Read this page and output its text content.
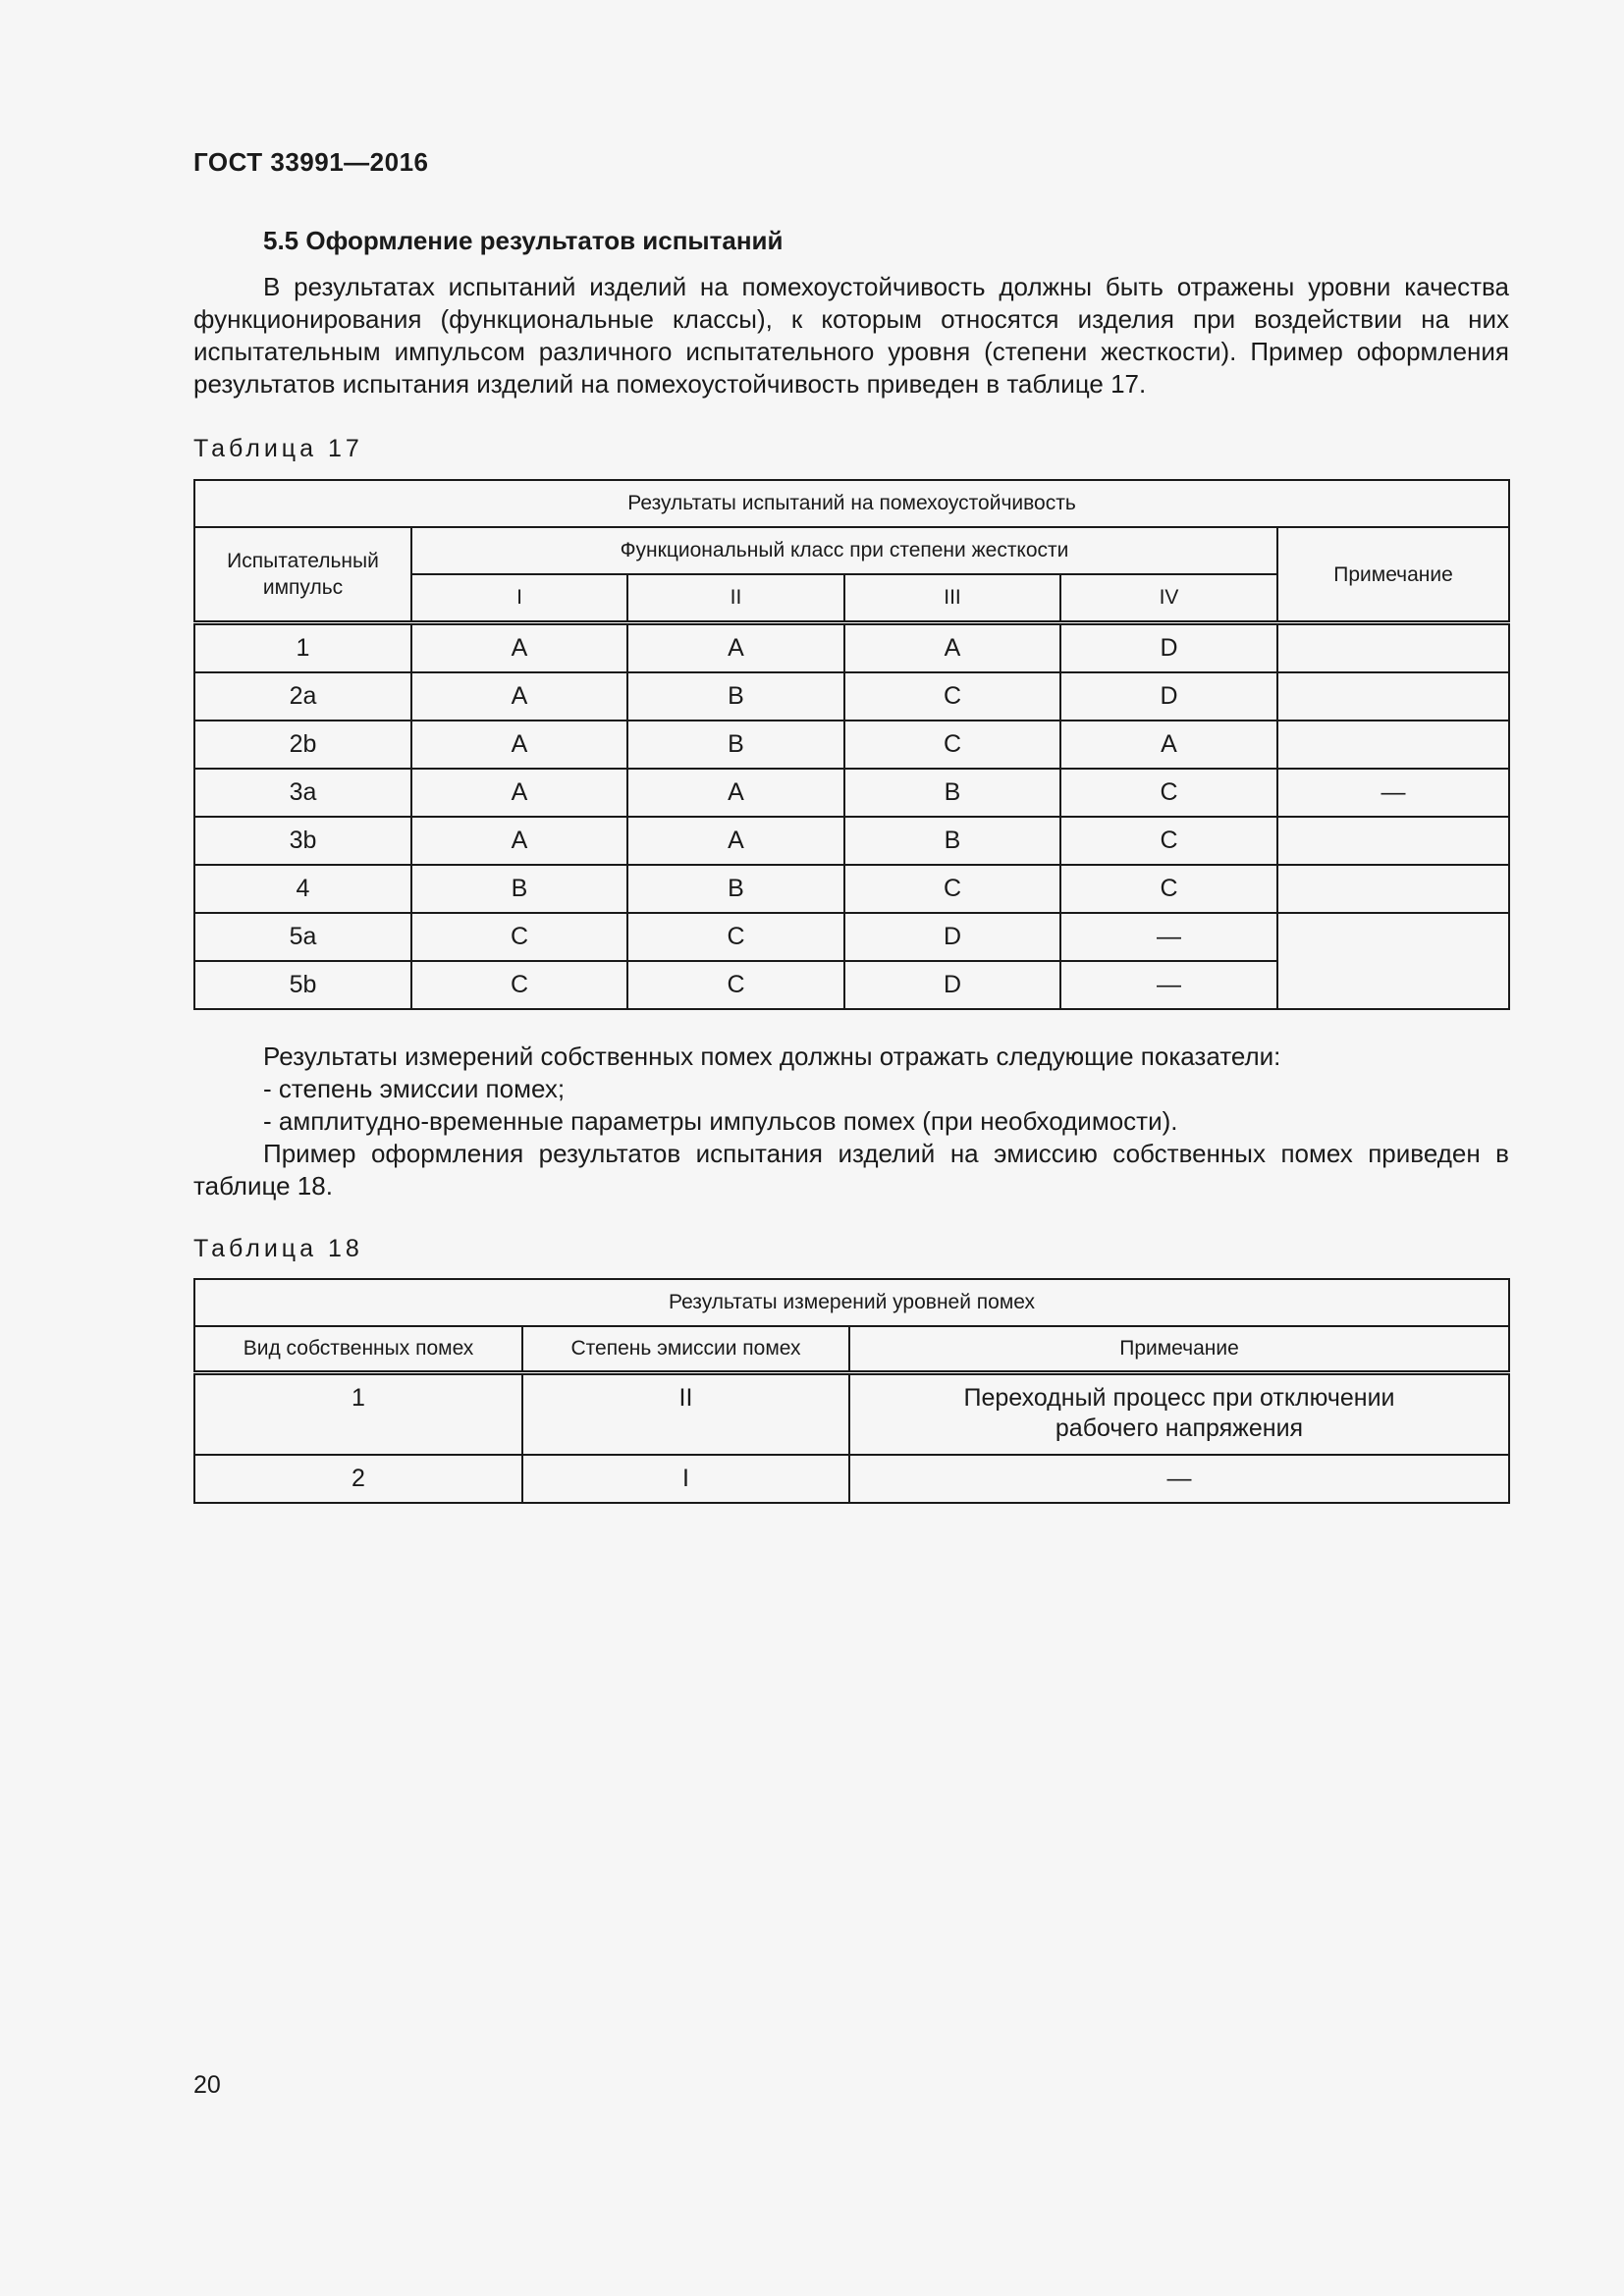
ГОСТ 33991—2016
5.5 Оформление результатов испытаний

В результатах испытаний изделий на помехоустойчивость должны быть отражены уровни качества функционирования (функциональные классы), к которым относятся изделия при воздействии на них испытательным импульсом различного испытательного уровня (степени жесткости). Пример оформления результатов испытания изделий на помехоустойчивость приведен в таблице 17.

Таблица 17
Результаты испытаний на помехоустойчивость					
Испытательный импульс	Функциональный класс при степени жесткости				Примечание
	I	II	III	IV	
1	A	A	A	D	
2a	A	B	C	D	
2b	A	B	C	A	
3a	A	A	B	C	—
3b	A	A	B	C	
4	B	B	C	C	
5a	C	C	D	—	
5b	C	C	D	—	

Результаты измерений собственных помех должны отражать следующие показатели:

- степень эмиссии помех;

- амплитудно-временные параметры импульсов помех (при необходимости).

Пример оформления результатов испытания изделий на эмиссию собственных помех приведен в таблице 18.

Таблица 18
Результаты измерений уровней помех		
Вид собственных помех	Степень эмиссии помех	Примечание
1	II	Переходный процесс при отключении рабочего напряжения
2	I	—
20
